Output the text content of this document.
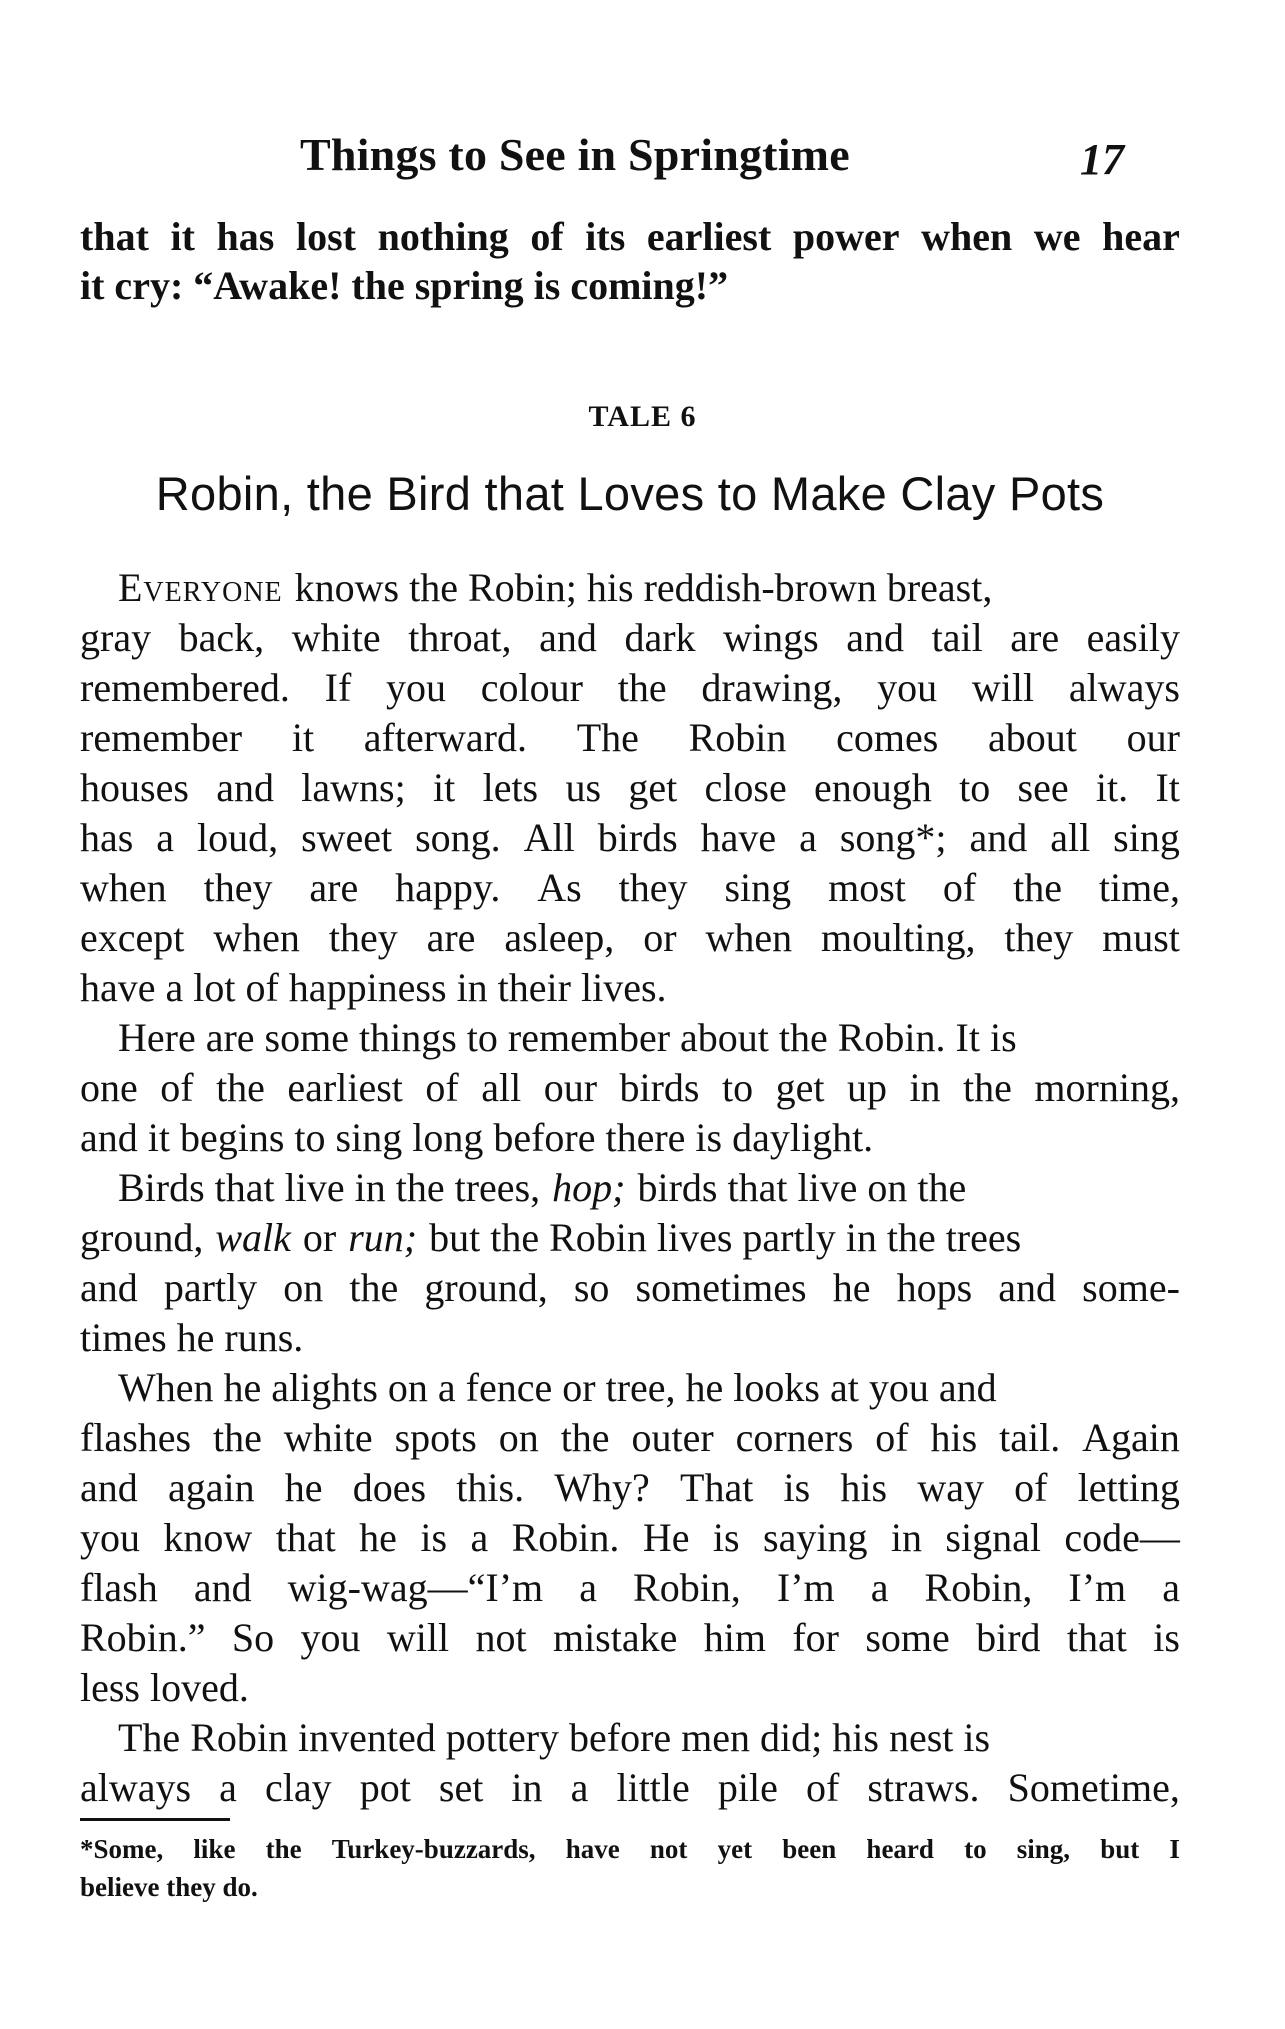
Things to See in Springtime	17
that it has lost nothing of its earliest power when we hear
it cry: “Awake! the spring is coming!”
TALE 6
Robin, the Bird that Loves to Make Clay Pots
Everyone knows the Robin; his reddish-brown breast,
gray back, white throat, and dark wings and tail are easily
remembered. If you colour the drawing, you will always
remember it afterward. The Robin comes about our
houses and lawns; it lets us get close enough to see it. It
has a loud, sweet song. All birds have a song*; and all sing
when they are happy. As they sing most of the time,
except when they are asleep, or when moulting, they must
have a lot of happiness in their lives.
Here are some things to remember about the Robin. It is
one of the earliest of all our birds to get up in the morning,
and it begins to sing long before there is daylight.
Birds that live in the trees, hop; birds that live on the
ground, walk or run; but the Robin lives partly in the trees
and partly on the ground, so sometimes he hops and some-
times he runs.
When he alights on a fence or tree, he looks at you and
flashes the white spots on the outer corners of his tail. Again
and again he does this. Why? That is his way of letting
you know that he is a Robin. He is saying in signal code—
flash and wig-wag—“I’m a Robin, I’m a Robin, I’m a
Robin.” So you will not mistake him for some bird that is
less loved.
The Robin invented pottery before men did; his nest is
always a clay pot set in a little pile of straws. Sometime,
*Some, like the Turkey-buzzards, have not yet been heard to sing, but I
believe they do.
